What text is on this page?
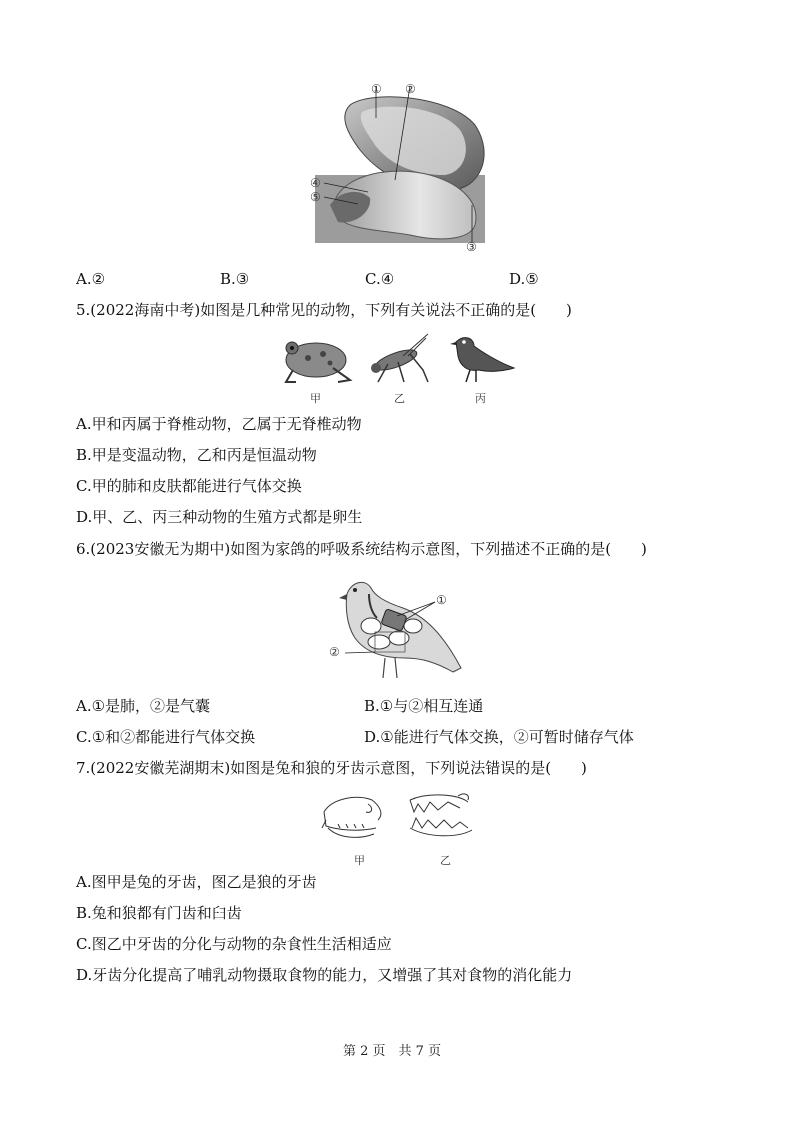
① ②
④
⑤
③
A.②	B.③	C.④	D.⑤
5.(2022海南中考)如图是几种常见的动物，下列有关说法不正确的是(　　)
甲	乙	丙
A.甲和丙属于脊椎动物，乙属于无脊椎动物
B.甲是变温动物，乙和丙是恒温动物
C.甲的肺和皮肤都能进行气体交换
D.甲、乙、丙三种动物的生殖方式都是卵生
6.(2023安徽无为期中)如图为家鸽的呼吸系统结构示意图，下列描述不正确的是(　　)
①
②
A.①是肺，②是气囊	B.①与②相互连通
C.①和②都能进行气体交换	D.①能进行气体交换，②可暂时储存气体
7.(2022安徽芜湖期末)如图是兔和狼的牙齿示意图，下列说法错误的是(　　)
甲	乙
A.图甲是兔的牙齿，图乙是狼的牙齿
B.兔和狼都有门齿和臼齿
C.图乙中牙齿的分化与动物的杂食性生活相适应
D.牙齿分化提高了哺乳动物摄取食物的能力，又增强了其对食物的消化能力
第 2 页　共 7 页
